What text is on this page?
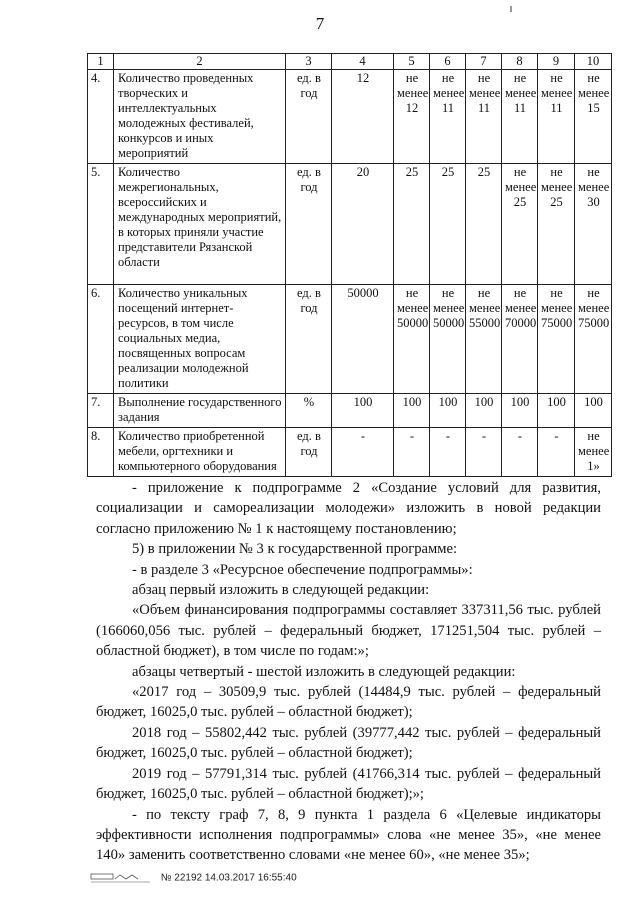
7
1	2	3	4	5	6	7	8	9	10
4.	Количество проведенных творческих и интеллектуальных молодежных фестивалей, конкурсов и иных мероприятий	ед. в год	12	не менее 12	не менее 11	не менее 11	не менее 11	не менее 11	не менее 15
5.	Количество межрегиональных, всероссийских и международных мероприятий, в которых приняли участие представители Рязанской области	ед. в год	20	25	25	25	не менее 25	не менее 25	не менее 30
6.	Количество уникальных посещений интернет-ресурсов, в том числе социальных медиа, посвященных вопросам реализации молодежной политики	ед. в год	50000	не менее 50000	не менее 50000	не менее 55000	не менее 70000	не менее 75000	не менее 75000
7.	Выполнение государственного задания	%	100	100	100	100	100	100	100
8.	Количество приобретенной мебели, оргтехники и компьютерного оборудования	ед. в год	-	-	-	-	-	-	не менее 1»

- приложение к подпрограмме 2 «Создание условий для развития, социализации и самореализации молодежи» изложить в новой редакции согласно приложению № 1 к настоящему постановлению;

5) в приложении № 3 к государственной программе:

- в разделе 3 «Ресурсное обеспечение подпрограммы»:

абзац первый изложить в следующей редакции:

«Объем финансирования подпрограммы составляет 337311,56 тыс. рублей (166060,056 тыс. рублей – федеральный бюджет, 171251,504 тыс. рублей – областной бюджет), в том числе по годам:»;

абзацы четвертый - шестой изложить в следующей редакции:

«2017 год – 30509,9 тыс. рублей (14484,9 тыс. рублей – федеральный бюджет, 16025,0 тыс. рублей – областной бюджет);

2018 год – 55802,442 тыс. рублей (39777,442 тыс. рублей – федеральный бюджет, 16025,0 тыс. рублей – областной бюджет);

2019 год – 57791,314 тыс. рублей (41766,314 тыс. рублей – федеральный бюджет, 16025,0 тыс. рублей – областной бюджет);»;

- по тексту граф 7, 8, 9 пункта 1 раздела 6 «Целевые индикаторы эффективности исполнения подпрограммы» слова «не менее 35», «не менее 140» заменить соответственно словами «не менее 60», «не менее 35»;

№ 22192 14.03.2017 16:55:40
